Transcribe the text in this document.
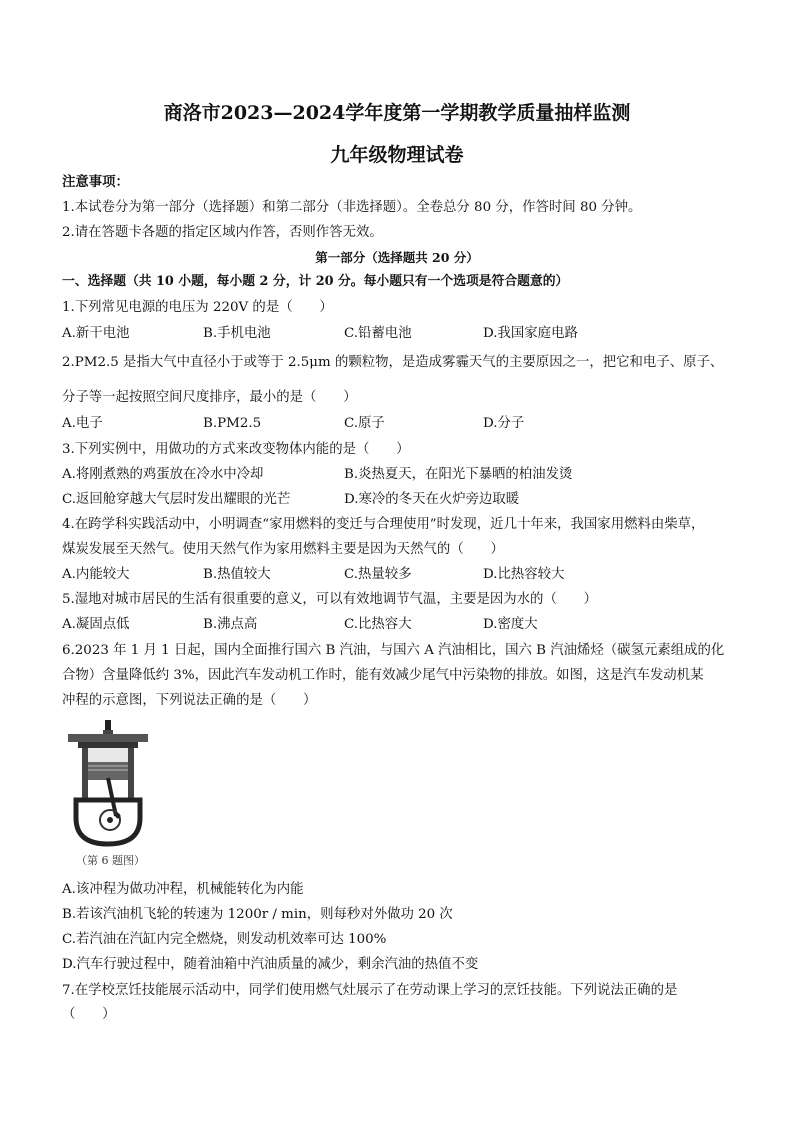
商洛市2023—2024学年度第一学期教学质量抽样监测
九年级物理试卷
注意事项：
1.本试卷分为第一部分（选择题）和第二部分（非选择题）。全卷总分 80 分，作答时间 80 分钟。
2.请在答题卡各题的指定区域内作答，否则作答无效。
第一部分（选择题共 20 分）
一、选择题（共 10 小题，每小题 2 分，计 20 分。每小题只有一个选项是符合题意的）
1.下列常见电源的电压为 220V 的是（　　）
A.新干电池	B.手机电池	C.铅蓄电池	D.我国家庭电路
2.PM2.5 是指大气中直径小于或等于 2.5μm 的颗粒物，是造成雾霾天气的主要原因之一，把它和电子、原子、
分子等一起按照空间尺度排序，最小的是（　　）
A.电子	B.PM2.5	C.原子	D.分子
3.下列实例中，用做功的方式来改变物体内能的是（　　）
A.将刚煮熟的鸡蛋放在冷水中冷却	B.炎热夏天，在阳光下暴晒的柏油发烫
C.返回舱穿越大气层时发出耀眼的光芒	D.寒冷的冬天在火炉旁边取暖
4.在跨学科实践活动中，小明调查“家用燃料的变迁与合理使用”时发现，近几十年来，我国家用燃料由柴草，
煤炭发展至天然气。使用天然气作为家用燃料主要是因为天然气的（　　）
A.内能较大	B.热值较大	C.热量较多	D.比热容较大
5.湿地对城市居民的生活有很重要的意义，可以有效地调节气温，主要是因为水的（　　）
A.凝固点低	B.沸点高	C.比热容大	D.密度大
6.2023 年 1 月 1 日起，国内全面推行国六 B 汽油，与国六 A 汽油相比，国六 B 汽油烯烃（碳氢元素组成的化
合物）含量降低约 3%，因此汽车发动机工作时，能有效减少尾气中污染物的排放。如图，这是汽车发动机某
冲程的示意图，下列说法正确的是（　　）
（第 6 题图）
A.该冲程为做功冲程，机械能转化为内能
B.若该汽油机飞轮的转速为 1200r / min，则每秒对外做功 20 次
C.若汽油在汽缸内完全燃烧，则发动机效率可达 100%
D.汽车行驶过程中，随着油箱中汽油质量的减少，剩余汽油的热值不变
7.在学校烹饪技能展示活动中，同学们使用燃气灶展示了在劳动课上学习的烹饪技能。下列说法正确的是
（　　）
